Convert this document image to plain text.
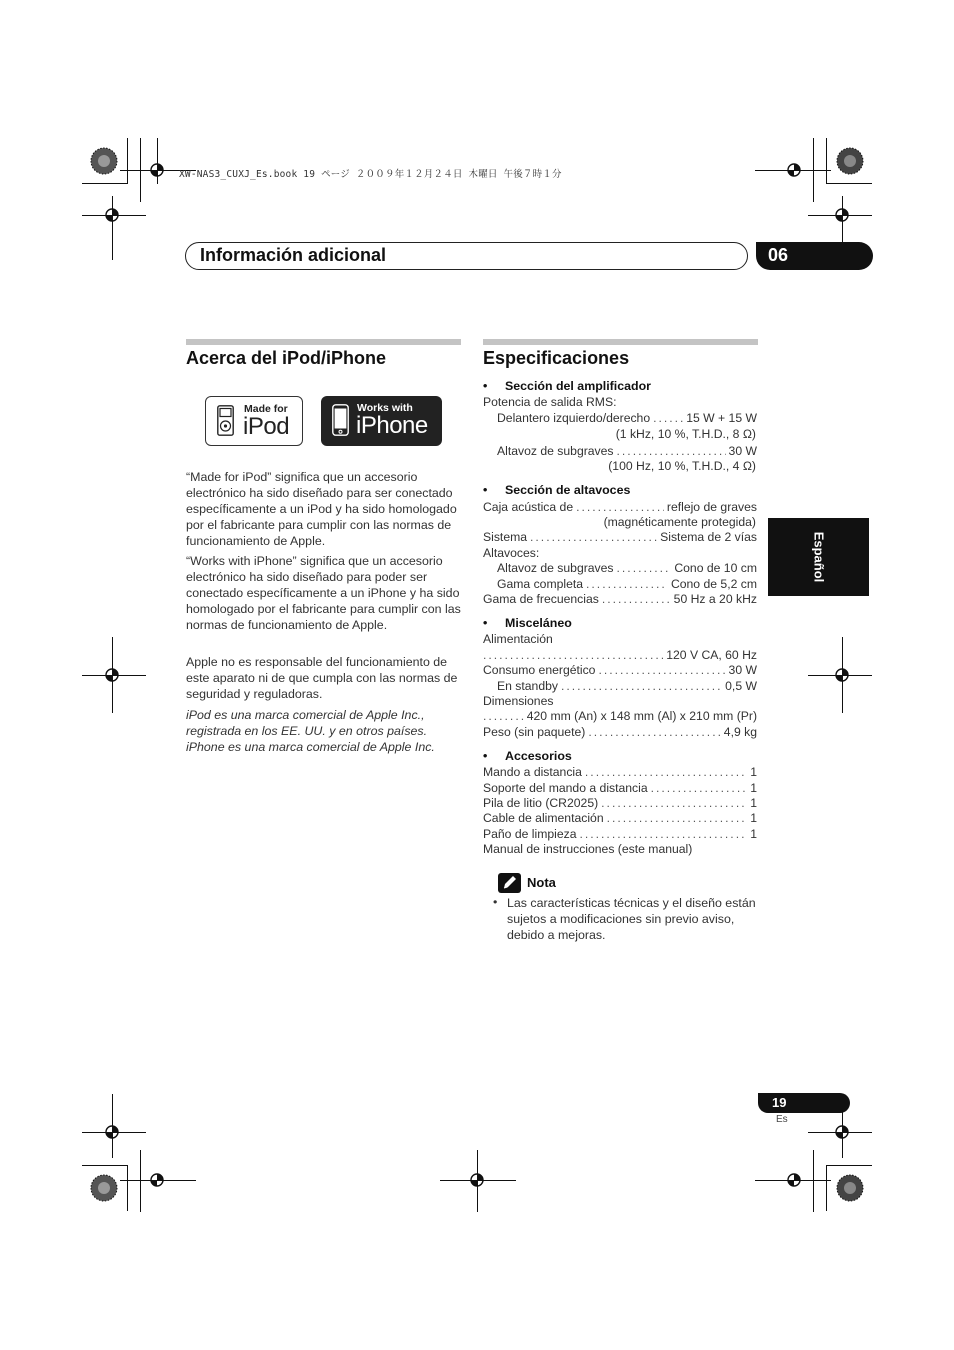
XW-NAS3_CUXJ_Es.book 19 ページ ２００９年１２月２４日 木曜日 午後７時１分
Información adicional	06
Español
Acerca del iPod/iPhone
Made for
iPod
Works with
iPhone
“Made for iPod” significa que un accesorio electrónico ha sido diseñado para ser conectado específicamente a un iPod y ha sido homologado por el fabricante para cumplir con las normas de funcionamiento de Apple.
“Works with iPhone” significa que un accesorio electrónico ha sido diseñado para poder ser conectado específicamente a un iPhone y ha sido homologado por el fabricante para cumplir con las normas de funcionamiento de Apple.
Apple no es responsable del funcionamiento de este aparato ni de que cumpla con las normas de seguridad y reguladoras.
iPod es una marca comercial de Apple Inc., registrada en los EE. UU. y en otros países. iPhone es una marca comercial de Apple Inc.
Especificaciones
• Sección del amplificador
Potencia de salida RMS:
Delantero izquierdo/derecho .....	15 W + 15 W
(1 kHz, 10 %, T.H.D., 8 Ω)
Altavoz de subgraves .....	30 W
(100 Hz, 10 %, T.H.D., 4 Ω)
• Sección de altavoces
Caja acústica de .....	reflejo de graves
(magnéticamente protegida)
Sistema .....	Sistema de 2 vías
Altavoces:
Altavoz de subgraves .....	Cono de 10 cm
Gama completa .....	Cono de 5,2 cm
Gama de frecuencias .....	50 Hz a 20 kHz
• Misceláneo
Alimentación
.....
120 V CA, 60 Hz
Consumo energético .....	30 W
En standby .....	0,5 W
Dimensiones
.....
420 mm (An) x 148 mm (Al) x 210 mm (Pr)
Peso (sin paquete) .....	4,9 kg
• Accesorios
Mando a distancia .....	1
Soporte del mando a distancia .....	1
Pila de litio (CR2025) .....	1
Cable de alimentación .....	1
Paño de limpieza .....	1
Manual de instrucciones (este manual)
Nota
• Las características técnicas y el diseño están sujetos a modificaciones sin previo aviso, debido a mejoras.
19
Es
